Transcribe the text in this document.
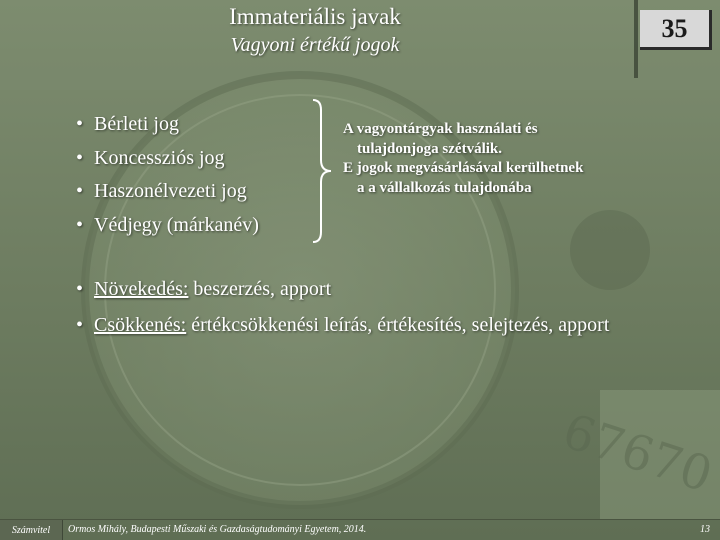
67670
Immateriális javak
Vagyoni értékű jogok
35
• Bérleti jog
• Koncessziós jog
• Haszonélvezeti jog
• Védjegy (márkanév)

A vagyontárgyak használati és

tulajdonjoga szétválik.

E jogok megvásárlásával kerülhetnek

a a vállalkozás tulajdonába

• Növekedés: beszerzés, apport
• Csökkenés: értékcsökkenési leírás, értékesítés, selejtezés, apport
Számvitel	Ormos Mihály, Budapesti Műszaki és Gazdaságtudományi Egyetem, 2014.	13
